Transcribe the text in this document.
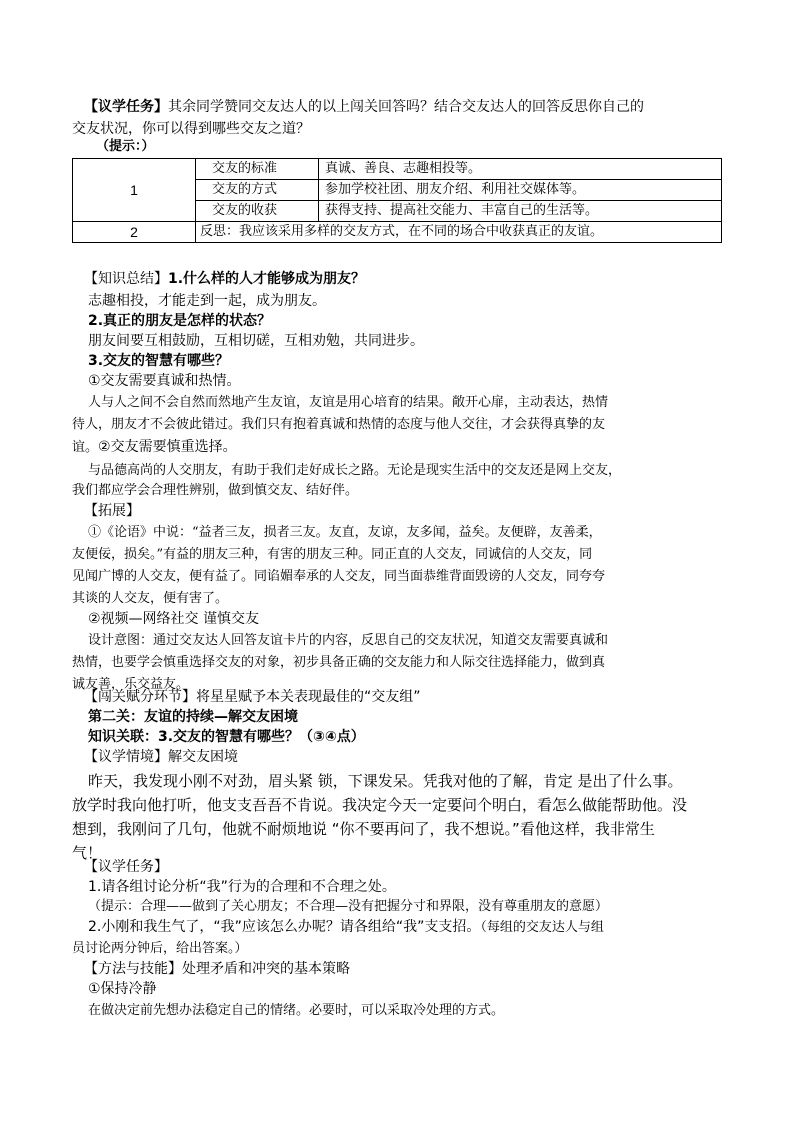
【议学任务】其余同学赞同交友达人的以上闯关回答吗？结合交友达人的回答反思你自己的
交友状况，你可以得到哪些交友之道？
（提示：）
1	交友的标准	真诚、善良、志趣相投等。
	交友的方式	参加学校社团、朋友介绍、利用社交媒体等。
	交友的收获	获得支持、提高社交能力、丰富自己的生活等。
2	反思：我应该采用多样的交友方式，在不同的场合中收获真正的友谊。	
【知识总结】1.什么样的人才能够成为朋友？
志趣相投，才能走到一起，成为朋友。
2.真正的朋友是怎样的状态？
朋友间要互相鼓励，互相切磋，互相劝勉，共同进步。
3.交友的智慧有哪些？
①交友需要真诚和热情。
人与人之间不会自然而然地产生友谊，友谊是用心培育的结果。敞开心扉，主动表达，热情
待人，朋友才不会彼此错过。我们只有抱着真诚和热情的态度与他人交往，才会获得真挚的友
谊。②交友需要慎重选择。
与品德高尚的人交朋友，有助于我们走好成长之路。无论是现实生活中的交友还是网上交友，
我们都应学会合理性辨别，做到慎交友、结好伴。
【拓展】
①《论语》中说：“益者三友，损者三友。友直，友谅，友多闻，益矣。友便辟，友善柔，
友便佞，损矣。”有益的朋友三种，有害的朋友三种。同正直的人交友，同诚信的人交友，同
见闻广博的人交友，便有益了。同谄媚奉承的人交友，同当面恭维背面毁谤的人交友，同夸夸
其谈的人交友，便有害了。
②视频—网络社交 谨慎交友
设计意图：通过交友达人回答友谊卡片的内容，反思自己的交友状况，知道交友需要真诚和
热情，也要学会慎重选择交友的对象，初步具备正确的交友能力和人际交往选择能力，做到真
诚友善，乐交益友。
【闯关赋分环节】将星星赋予本关表现最佳的“交友组”
第二关：友谊的持续—解交友困境
知识关联：3.交友的智慧有哪些？（③④点）
【议学情境】解交友困境
昨天，我发现小刚不对劲，眉头紧 锁，下课发呆。凭我对他的了解，肯定 是出了什么事。
放学时我向他打听，他支支吾吾不肯说。我决定今天一定要问个明白，看怎么做能帮助他。没
想到，我刚问了几句，他就不耐烦地说 “你不要再问了，我不想说。”看他这样，我非常生
气！
【议学任务】
1.请各组讨论分析“我”行为的合理和不合理之处。
（提示：合理——做到了关心朋友；不合理—没有把握分寸和界限，没有尊重朋友的意愿）
2.小刚和我生气了，“我”应该怎么办呢？请各组给“我”支支招。（每组的交友达人与组
员讨论两分钟后，给出答案。）
【方法与技能】处理矛盾和冲突的基本策略
①保持冷静
在做决定前先想办法稳定自己的情绪。必要时，可以采取冷处理的方式。
